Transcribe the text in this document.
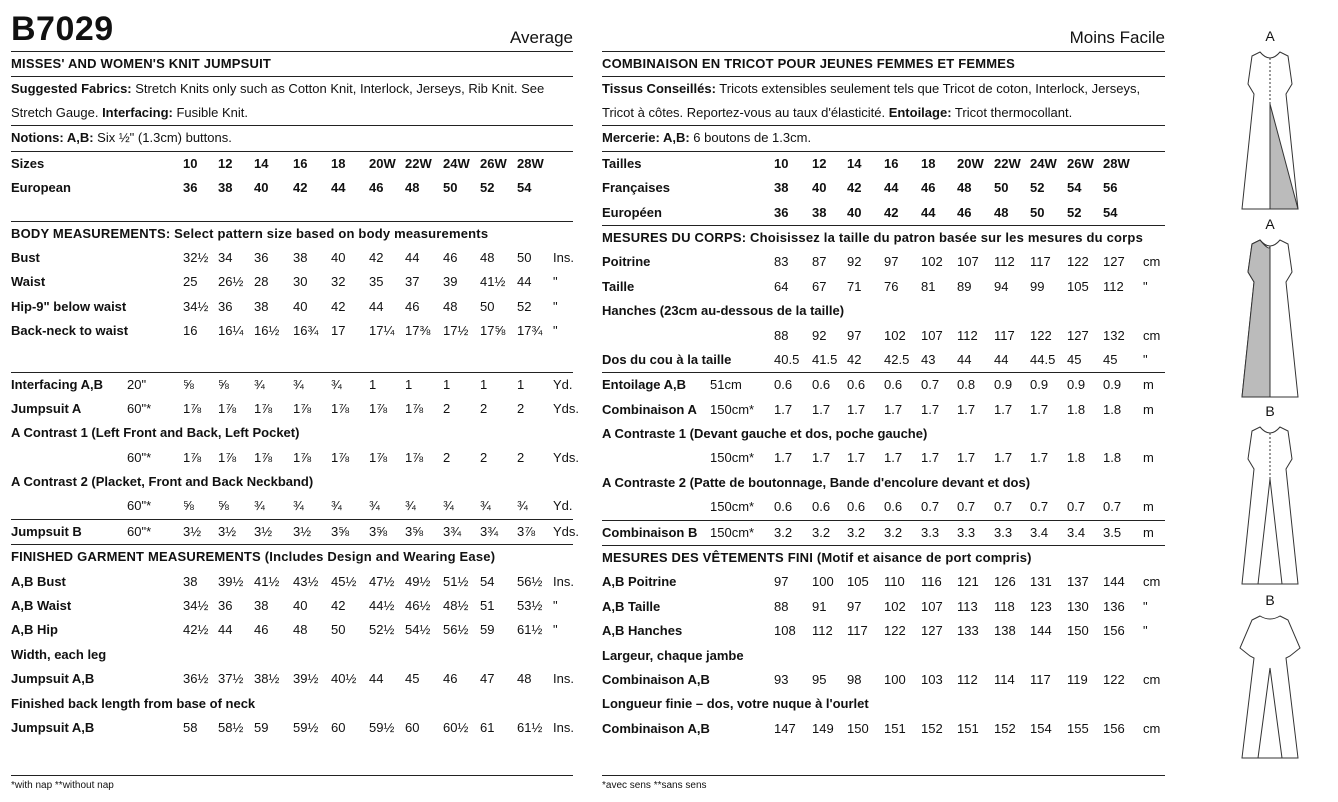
B7029	Average
MISSES' AND WOMEN'S KNIT JUMPSUIT
Suggested Fabrics: Stretch Knits only such as Cotton Knit, Interlock, Jerseys, Rib Knit. See Stretch Gauge. Interfacing: Fusible Knit.
Notions: A,B: Six ½" (1.3cm) buttons.
Sizes	10 12 14 16 18 20W 22W 24W 26W 28W
European	36 38 40 42 44 46 48 50 52 54
BODY MEASUREMENTS: Select pattern size based on body measurements
Bust	32½ 34 36 38 40 42 44 46 48 50 Ins.
Waist	25 26½ 28 30 32 35 37 39 41½ 44 "
Hip-9" below waist	34½ 36 38 40 42 44 46 48 50 52 "
Back-neck to waist	16 16¼ 16½ 16¾ 17 17¼ 17⅜ 17½ 17⅝ 17¾ "
Interfacing A,B 20"	⅝ ⅝ ¾ ¾ ¾ 1 1 1 1 1 Yd.
Jumpsuit A	60"* 1⅞ 1⅞ 1⅞ 1⅞ 1⅞ 1⅞ 1⅞ 2 2 2 Yds.
A Contrast 1 (Left Front and Back, Left Pocket)
60"* 1⅞ 1⅞ 1⅞ 1⅞ 1⅞ 1⅞ 1⅞ 2 2 2 Yds.
A Contrast 2 (Placket, Front and Back Neckband)
60"* ⅝ ⅝ ¾ ¾ ¾ ¾ ¾ ¾ ¾ ¾ Yd.
Jumpsuit B	60"* 3½ 3½ 3½ 3½ 3⅝ 3⅝ 3⅝ 3¾ 3¾ 3⅞ Yds.
FINISHED GARMENT MEASUREMENTS (Includes Design and Wearing Ease)
A,B Bust	38 39½ 41½ 43½ 45½ 47½ 49½ 51½ 54 56½ Ins.
A,B Waist	34½ 36 38 40 42 44½ 46½ 48½ 51 53½ "
A,B Hip	42½ 44 46 48 50 52½ 54½ 56½ 59 61½ "
Width, each leg
Jumpsuit A,B	36½ 37½ 38½ 39½ 40½ 44 45 46 47 48 Ins.
Finished back length from base of neck
Jumpsuit A,B	58 58½ 59 59½ 60 59½ 60 60½ 61 61½ Ins.
*with nap **without nap
Moins Facile
COMBINAISON EN TRICOT POUR JEUNES FEMMES ET FEMMES
Tissus Conseillés: Tricots extensibles seulement tels que Tricot de coton, Interlock, Jerseys, Tricot à côtes. Reportez-vous au taux d'élasticité. Entoilage: Tricot thermocollant.
Mercerie: A,B: 6 boutons de 1.3cm.
Tailles	10 12 14 16 18 20W 22W 24W 26W 28W
Françaises	38 40 42 44 46 48 50 52 54 56
Européen	36 38 40 42 44 46 48 50 52 54
MESURES DU CORPS: Choisissez la taille du patron basée sur les mesures du corps
Poitrine	83 87 92 97 102 107 112 117 122 127 cm
Taille	64 67 71 76 81 89 94 99 105 112 "
Hanches (23cm au-dessous de la taille)
88 92 97 102 107 112 117 122 127 132 cm
Dos du cou à la taille	40.5 41.5 42 42.5 43 44 44 44.5 45 45 "
Entoilage A,B 51cm 0.6 0.6 0.6 0.6 0.7 0.8 0.9 0.9 0.9 0.9 m
Combinaison A 150cm* 1.7 1.7 1.7 1.7 1.7 1.7 1.7 1.7 1.8 1.8 m
A Contraste 1 (Devant gauche et dos, poche gauche)
150cm* 1.7 1.7 1.7 1.7 1.7 1.7 1.7 1.7 1.8 1.8 m
A Contraste 2 (Patte de boutonnage, Bande d'encolure devant et dos)
150cm* 0.6 0.6 0.6 0.6 0.7 0.7 0.7 0.7 0.7 0.7 m
Combinaison B 150cm* 3.2 3.2 3.2 3.2 3.3 3.3 3.3 3.4 3.4 3.5 m
MESURES DES VÊTEMENTS FINI (Motif et aisance de port compris)
A,B Poitrine	97 100 105 110 116 121 126 131 137 144 cm
A,B Taille	88 91 97 102 107 113 118 123 130 136 "
A,B Hanches	108 112 117 122 127 133 138 144 150 156 "
Largeur, chaque jambe
Combinaison A,B	93 95 98 100 103 112 114 117 119 122 cm
Longueur finie – dos, votre nuque à l'ourlet
Combinaison A,B	147 149 150 151 152 151 152 154 155 156 cm
*avec sens **sans sens
A
A
B
B
